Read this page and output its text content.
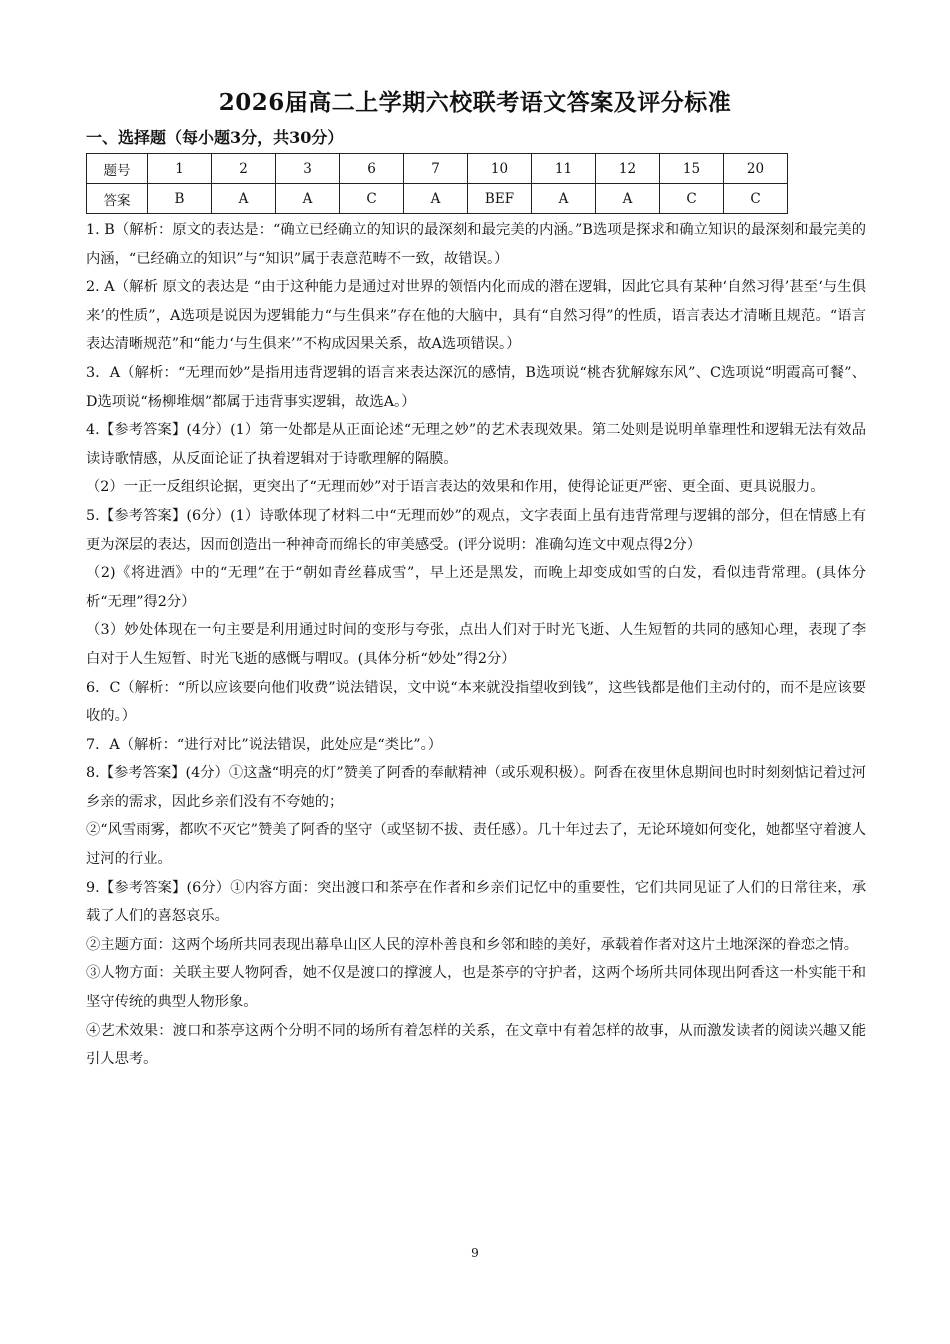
2026届高二上学期六校联考语文答案及评分标准
一、选择题（每小题3分，共30分）
题号	1	2	3	6	7	10	11	12	15	20
答案	B	A	A	C	A	BEF	A	A	C	C

1. B（解析：原文的表达是：“确立已经确立的知识的最深刻和最完美的内涵。”B选项是探求和确立知识的最深刻和最完美的内涵，“已经确立的知识”与“知识”属于表意范畴不一致，故错误。）

2. A（解析 原文的表达是 “由于这种能力是通过对世界的领悟内化而成的潜在逻辑，因此它具有某种‘自然习得’甚至‘与生俱来’的性质”，A选项是说因为逻辑能力“与生俱来”存在他的大脑中，具有“自然习得”的性质，语言表达才清晰且规范。“语言表达清晰规范”和“能力‘与生俱来’”不构成因果关系，故A选项错误。）

3．A（解析：“无理而妙”是指用违背逻辑的语言来表达深沉的感情，B选项说“桃杏犹解嫁东风”、C选项说“明霞高可餐”、D选项说“杨柳堆烟”都属于违背事实逻辑，故选A。）

4.【参考答案】(4分）(1）第一处都是从正面论述“无理之妙”的艺术表现效果。第二处则是说明单靠理性和逻辑无法有效品读诗歌情感，从反面论证了执着逻辑对于诗歌理解的隔膜。

（2）一正一反组织论据，更突出了“无理而妙”对于语言表达的效果和作用，使得论证更严密、更全面、更具说服力。

5.【参考答案】(6分）(1）诗歌体现了材料二中“无理而妙”的观点，文字表面上虽有违背常理与逻辑的部分，但在情感上有更为深层的表达，因而创造出一种神奇而绵长的审美感受。(评分说明：准确勾连文中观点得2分）

（2)《将进酒》中的“无理”在于“朝如青丝暮成雪”，早上还是黑发，而晚上却变成如雪的白发，看似违背常理。(具体分析“无理”得2分）

（3）妙处体现在一句主要是利用通过时间的变形与夸张，点出人们对于时光飞逝、人生短暂的共同的感知心理，表现了李白对于人生短暂、时光飞逝的感慨与喟叹。(具体分析“妙处”得2分）

6．C（解析：“所以应该要向他们收费”说法错误，文中说“本来就没指望收到钱”，这些钱都是他们主动付的，而不是应该要收的。）

7．A（解析：“进行对比”说法错误，此处应是“类比”。）

8.【参考答案】(4分）①这盏“明亮的灯”赞美了阿香的奉献精神（或乐观积极）。阿香在夜里休息期间也时时刻刻惦记着过河乡亲的需求，因此乡亲们没有不夸她的；

②“风雪雨雾，都吹不灭它”赞美了阿香的坚守（或坚韧不拔、责任感）。几十年过去了，无论环境如何变化，她都坚守着渡人过河的行业。

9.【参考答案】(6分）①内容方面：突出渡口和茶亭在作者和乡亲们记忆中的重要性，它们共同见证了人们的日常往来，承载了人们的喜怒哀乐。

②主题方面：这两个场所共同表现出幕阜山区人民的淳朴善良和乡邻和睦的美好，承载着作者对这片土地深深的眷恋之情。

③人物方面：关联主要人物阿香，她不仅是渡口的撑渡人，也是茶亭的守护者，这两个场所共同体现出阿香这一朴实能干和坚守传统的典型人物形象。

④艺术效果：渡口和茶亭这两个分明不同的场所有着怎样的关系，在文章中有着怎样的故事，从而激发读者的阅读兴趣又能引人思考。

9
